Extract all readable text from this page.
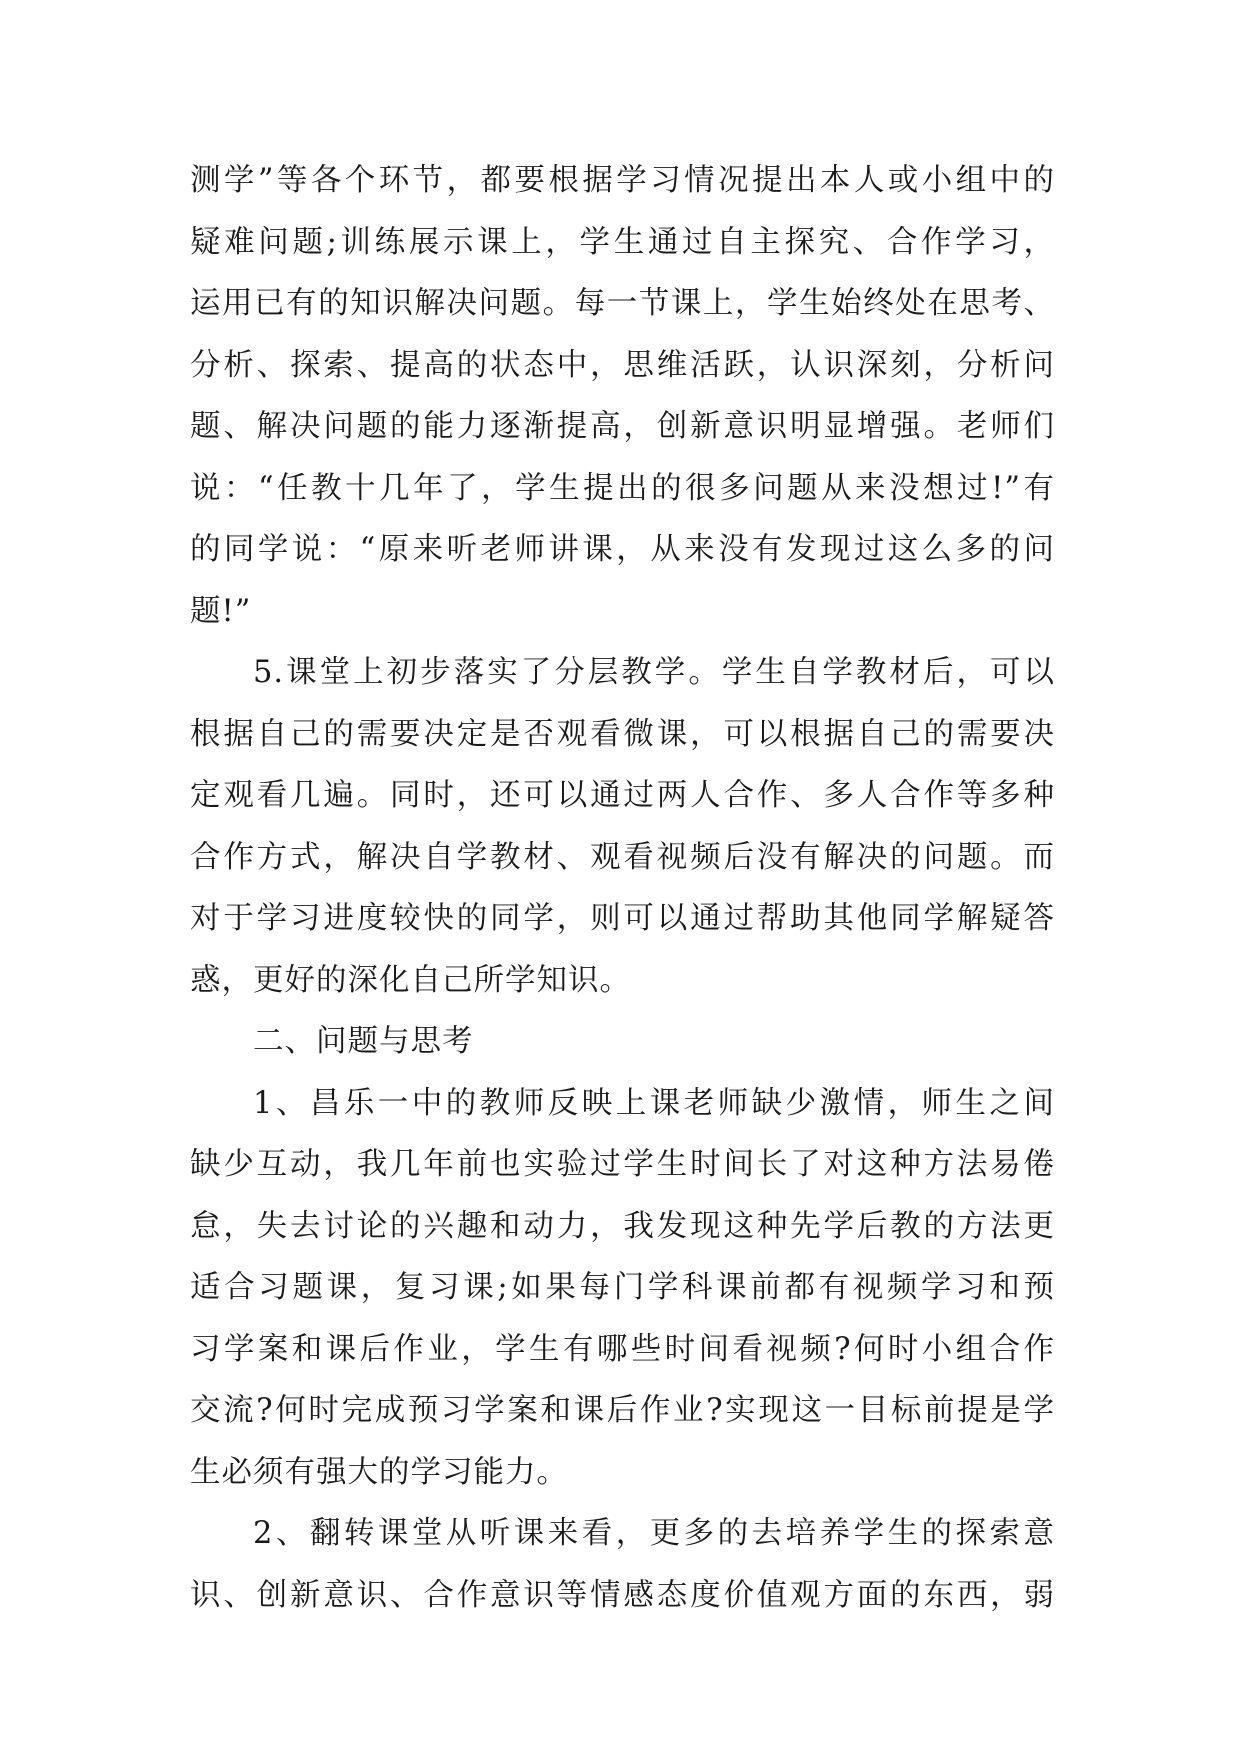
测学”等各个环节，都要根据学习情况提出本人或小组中的
疑难问题;训练展示课上，学生通过自主探究、合作学习，
运用已有的知识解决问题。每一节课上，学生始终处在思考、
分析、探索、提高的状态中，思维活跃，认识深刻，分析问
题、解决问题的能力逐渐提高，创新意识明显增强。老师们
说：“任教十几年了，学生提出的很多问题从来没想过!”有
的同学说：“原来听老师讲课，从来没有发现过这么多的问
题!”
5.课堂上初步落实了分层教学。学生自学教材后，可以
根据自己的需要决定是否观看微课，可以根据自己的需要决
定观看几遍。同时，还可以通过两人合作、多人合作等多种
合作方式，解决自学教材、观看视频后没有解决的问题。而
对于学习进度较快的同学，则可以通过帮助其他同学解疑答
惑，更好的深化自己所学知识。
二、问题与思考
1、昌乐一中的教师反映上课老师缺少激情，师生之间
缺少互动，我几年前也实验过学生时间长了对这种方法易倦
怠，失去讨论的兴趣和动力，我发现这种先学后教的方法更
适合习题课，复习课;如果每门学科课前都有视频学习和预
习学案和课后作业，学生有哪些时间看视频?何时小组合作
交流?何时完成预习学案和课后作业?实现这一目标前提是学
生必须有强大的学习能力。
2、翻转课堂从听课来看，更多的去培养学生的探索意
识、创新意识、合作意识等情感态度价值观方面的东西，弱
